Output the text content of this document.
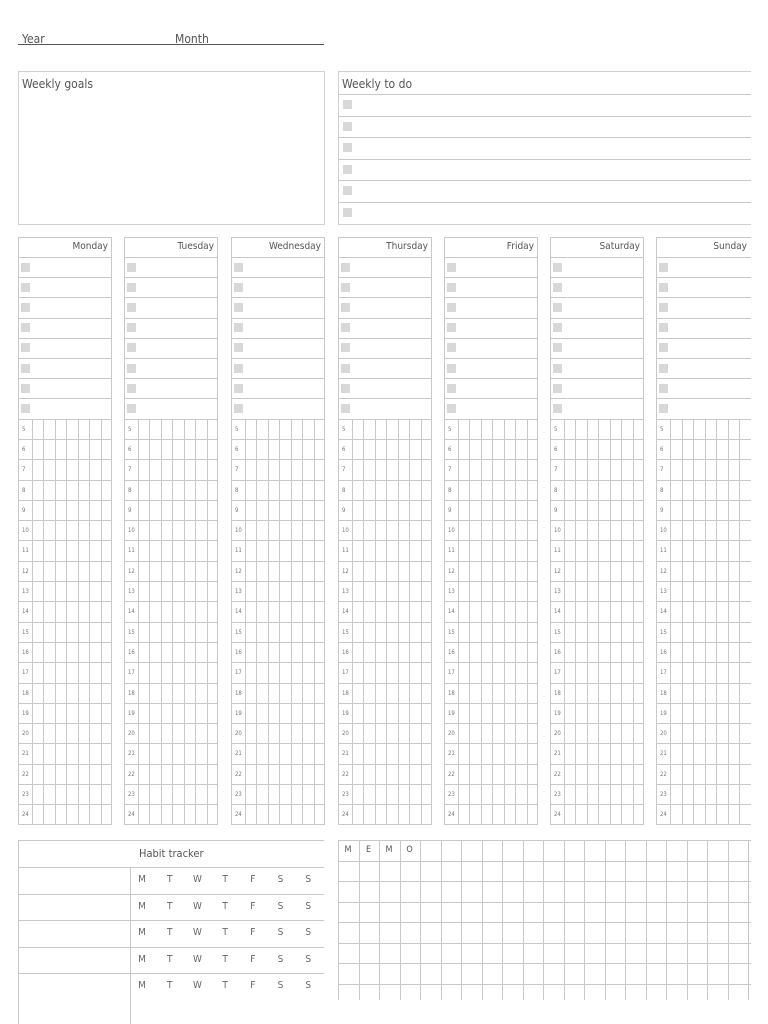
Year	Month
Weekly goals	Weekly to do
Monday
5
6
7
8
9
10
11
12
13
14
15
16
17
18
19
20
21
22
23
24
Tuesday
5
6
7
8
9
10
11
12
13
14
15
16
17
18
19
20
21
22
23
24
Wednesday
5
6
7
8
9
10
11
12
13
14
15
16
17
18
19
20
21
22
23
24
Thursday
5
6
7
8
9
10
11
12
13
14
15
16
17
18
19
20
21
22
23
24
Friday
5
6
7
8
9
10
11
12
13
14
15
16
17
18
19
20
21
22
23
24
Saturday
5
6
7
8
9
10
11
12
13
14
15
16
17
18
19
20
21
22
23
24
Sunday
5
6
7
8
9
10
11
12
13
14
15
16
17
18
19
20
21
22
23
24
Habit tracker
M	T	W	T	F	S	S
M	T	W	T	F	S	S
M	T	W	T	F	S	S
M	T	W	T	F	S	S
M	T	W	T	F	S	S
M	E	M	O
